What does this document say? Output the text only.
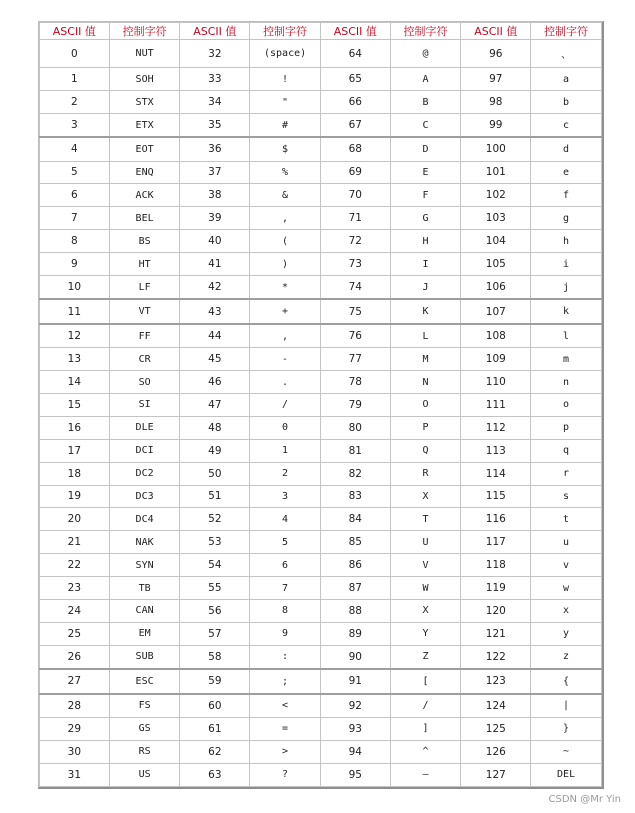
ASCII 值	控制字符	ASCII 值	控制字符	ASCII 值	控制字符	ASCII 值	控制字符
0	NUT	32	(space)	64	@	96	、
1	SOH	33	!	65	A	97	a
2	STX	34	"	66	B	98	b
3	ETX	35	#	67	C	99	c
4	EOT	36	$	68	D	100	d
5	ENQ	37	%	69	E	101	e
6	ACK	38	&	70	F	102	f
7	BEL	39	,	71	G	103	g
8	BS	40	(	72	H	104	h
9	HT	41	)	73	I	105	i
10	LF	42	*	74	J	106	j
11	VT	43	+	75	K	107	k
12	FF	44	,	76	L	108	l
13	CR	45	-	77	M	109	m
14	SO	46	.	78	N	110	n
15	SI	47	/	79	O	111	o
16	DLE	48	0	80	P	112	p
17	DCI	49	1	81	Q	113	q
18	DC2	50	2	82	R	114	r
19	DC3	51	3	83	X	115	s
20	DC4	52	4	84	T	116	t
21	NAK	53	5	85	U	117	u
22	SYN	54	6	86	V	118	v
23	TB	55	7	87	W	119	w
24	CAN	56	8	88	X	120	x
25	EM	57	9	89	Y	121	y
26	SUB	58	:	90	Z	122	z
27	ESC	59	;	91	[	123	{
28	FS	60	<	92	/	124	|
29	GS	61	=	93	]	125	}
30	RS	62	>	94	^	126	~
31	US	63	?	95	—	127	DEL
CSDN @Mr Yin
